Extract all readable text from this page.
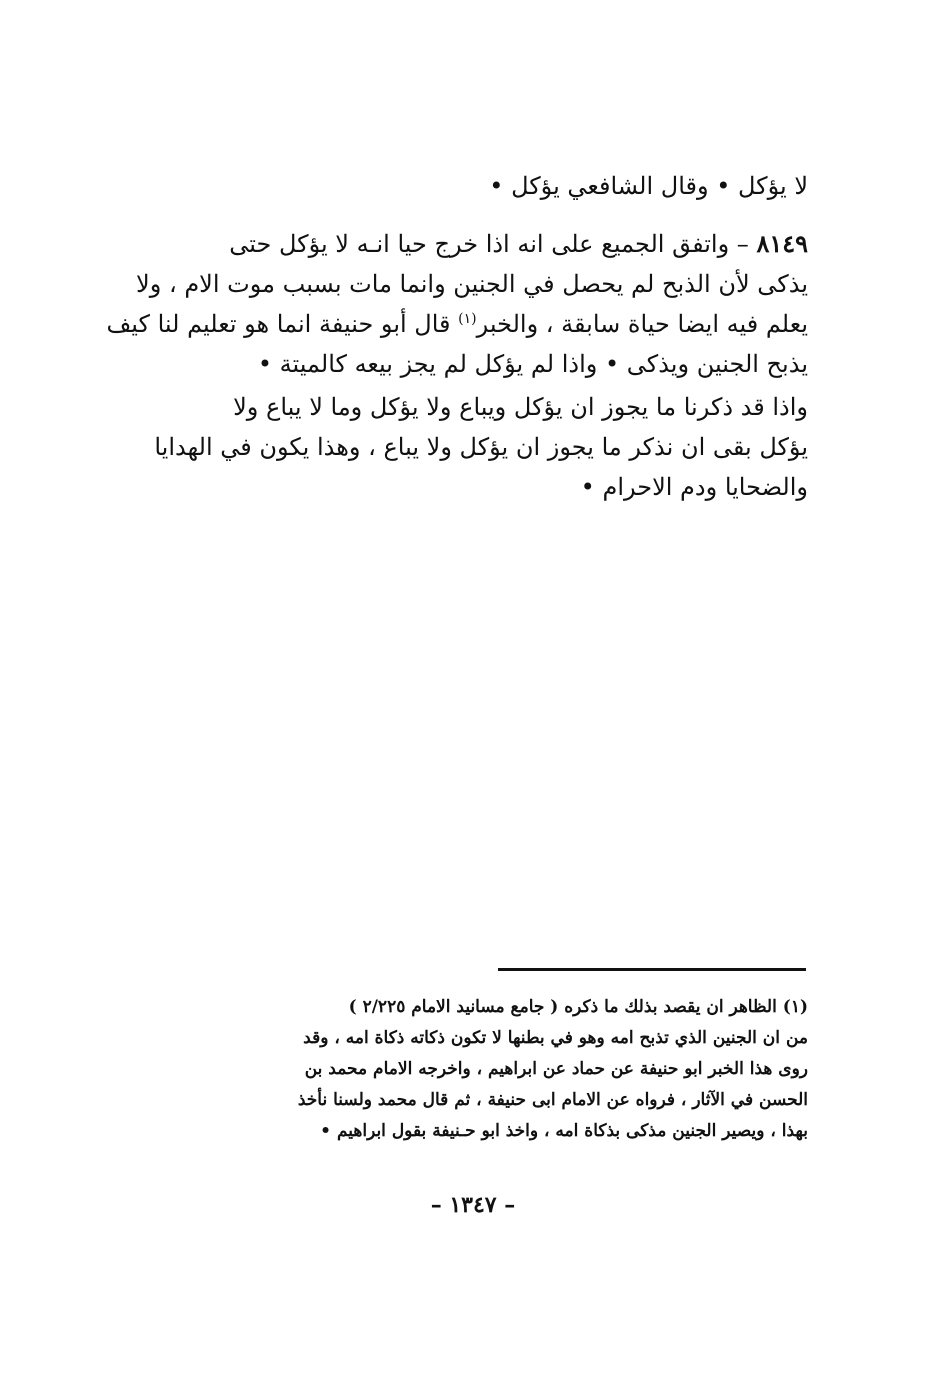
لا يؤكل • وقال الشافعي يؤكل •
٨١٤٩ – واتفق الجميع على انه اذا خرج حيا انـه لا يؤكل حتى
يذكى لأن الذبح لم يحصل في الجنين وانما مات بسبب موت الام ، ولا
يعلم فيه ايضا حياة سابقة ، والخبر$^{(١)}$ قال أبو حنيفة انما هو تعليم لنا كيف
يذبح الجنين ويذكى • واذا لم يؤكل لم يجز بيعه كالميتة •
واذا قد ذكرنا ما يجوز ان يؤكل ويباع ولا يؤكل وما لا يباع ولا
يؤكل بقى ان نذكر ما يجوز ان يؤكل ولا يباع ، وهذا يكون في الهدايا
والضحايا ودم الاحرام •
(١) الظاهر ان يقصد بذلك ما ذكره ( جامع مسانيد الامام ٢/٢٢٥ )
من ان الجنين الذي تذبح امه وهو في بطنها لا تكون ذكاته ذكاة امه ، وقد
روى هذا الخبر ابو حنيفة عن حماد عن ابراهيم ، واخرجه الامام محمد بن
الحسن في الآثار ، فرواه عن الامام ابى حنيفة ، ثم قال محمد ولسنا نأخذ
بهذا ، ويصير الجنين مذكى بذكاة امه ، واخذ ابو حـنيفة بقول ابراهيم •
– ١٣٤٧ –
